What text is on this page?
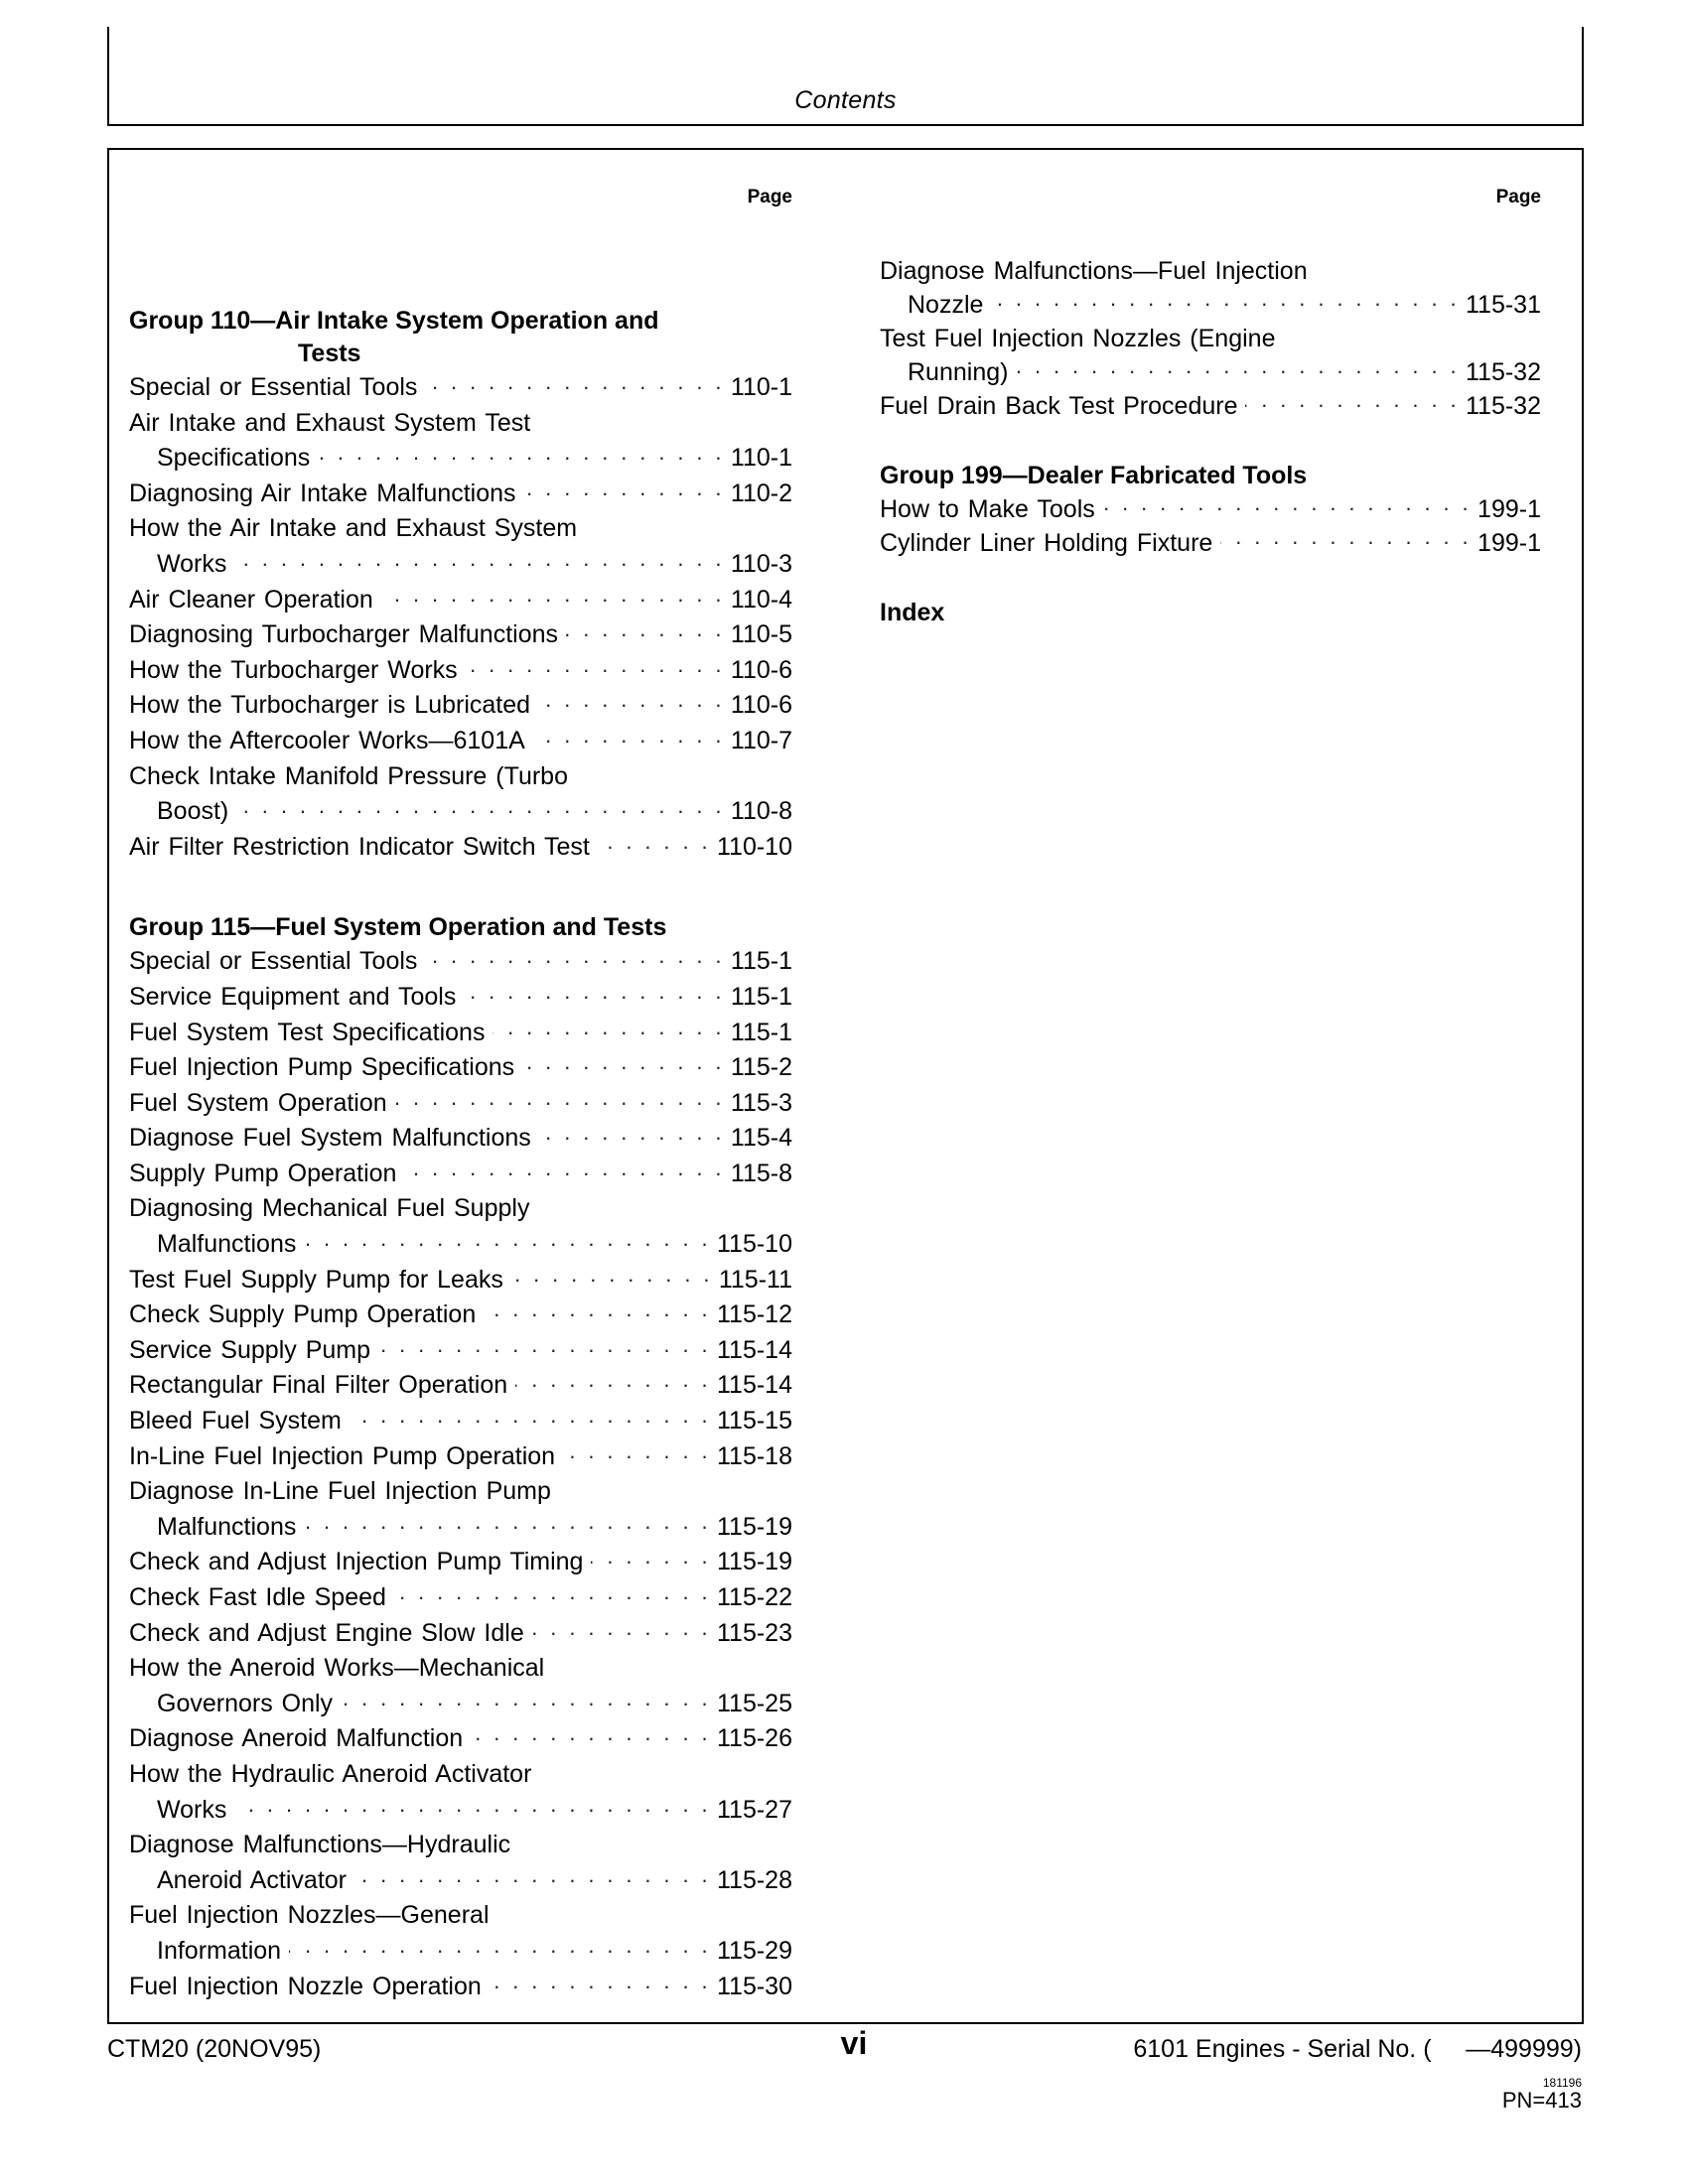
Contents
Page	Page
Group 110—Air Intake System Operation and
Tests
Special or Essential Tools . . .	110-1
Air Intake and Exhaust System Test
Specifications . . .	110-1
Diagnosing Air Intake Malfunctions . . .	110-2
How the Air Intake and Exhaust System
Works . . .	110-3
Air Cleaner Operation . . .	110-4
Diagnosing Turbocharger Malfunctions . . .	110-5
How the Turbocharger Works . . .	110-6
How the Turbocharger is Lubricated . . .	110-6
How the Aftercooler Works—6101A . . .	110-7
Check Intake Manifold Pressure (Turbo
Boost) . . .	110-8
Air Filter Restriction Indicator Switch Test . . .	110-10
Group 115—Fuel System Operation and Tests
Special or Essential Tools . . .	115-1
Service Equipment and Tools . . .	115-1
Fuel System Test Specifications . . .	115-1
Fuel Injection Pump Specifications . . .	115-2
Fuel System Operation . . .	115-3
Diagnose Fuel System Malfunctions . . .	115-4
Supply Pump Operation . . .	115-8
Diagnosing Mechanical Fuel Supply
Malfunctions . . .	115-10
Test Fuel Supply Pump for Leaks . . .	115-11
Check Supply Pump Operation . . .	115-12
Service Supply Pump . . .	115-14
Rectangular Final Filter Operation . . .	115-14
Bleed Fuel System . . .	115-15
In-Line Fuel Injection Pump Operation . . .	115-18
Diagnose In-Line Fuel Injection Pump
Malfunctions . . .	115-19
Check and Adjust Injection Pump Timing . . .	115-19
Check Fast Idle Speed . . .	115-22
Check and Adjust Engine Slow Idle . . .	115-23
How the Aneroid Works—Mechanical
Governors Only . . .	115-25
Diagnose Aneroid Malfunction . . .	115-26
How the Hydraulic Aneroid Activator
Works . . .	115-27
Diagnose Malfunctions—Hydraulic
Aneroid Activator . . .	115-28
Fuel Injection Nozzles—General
Information . . .	115-29
Fuel Injection Nozzle Operation . . .	115-30
Diagnose Malfunctions—Fuel Injection
Nozzle . . .	115-31
Test Fuel Injection Nozzles (Engine
Running) . . .	115-32
Fuel Drain Back Test Procedure . . .	115-32
Group 199—Dealer Fabricated Tools
How to Make Tools . . .	199-1
Cylinder Liner Holding Fixture . . .	199-1
Index
CTM20 (20NOV95)	vi	6101 Engines - Serial No. (     —499999)
181196
PN=413
